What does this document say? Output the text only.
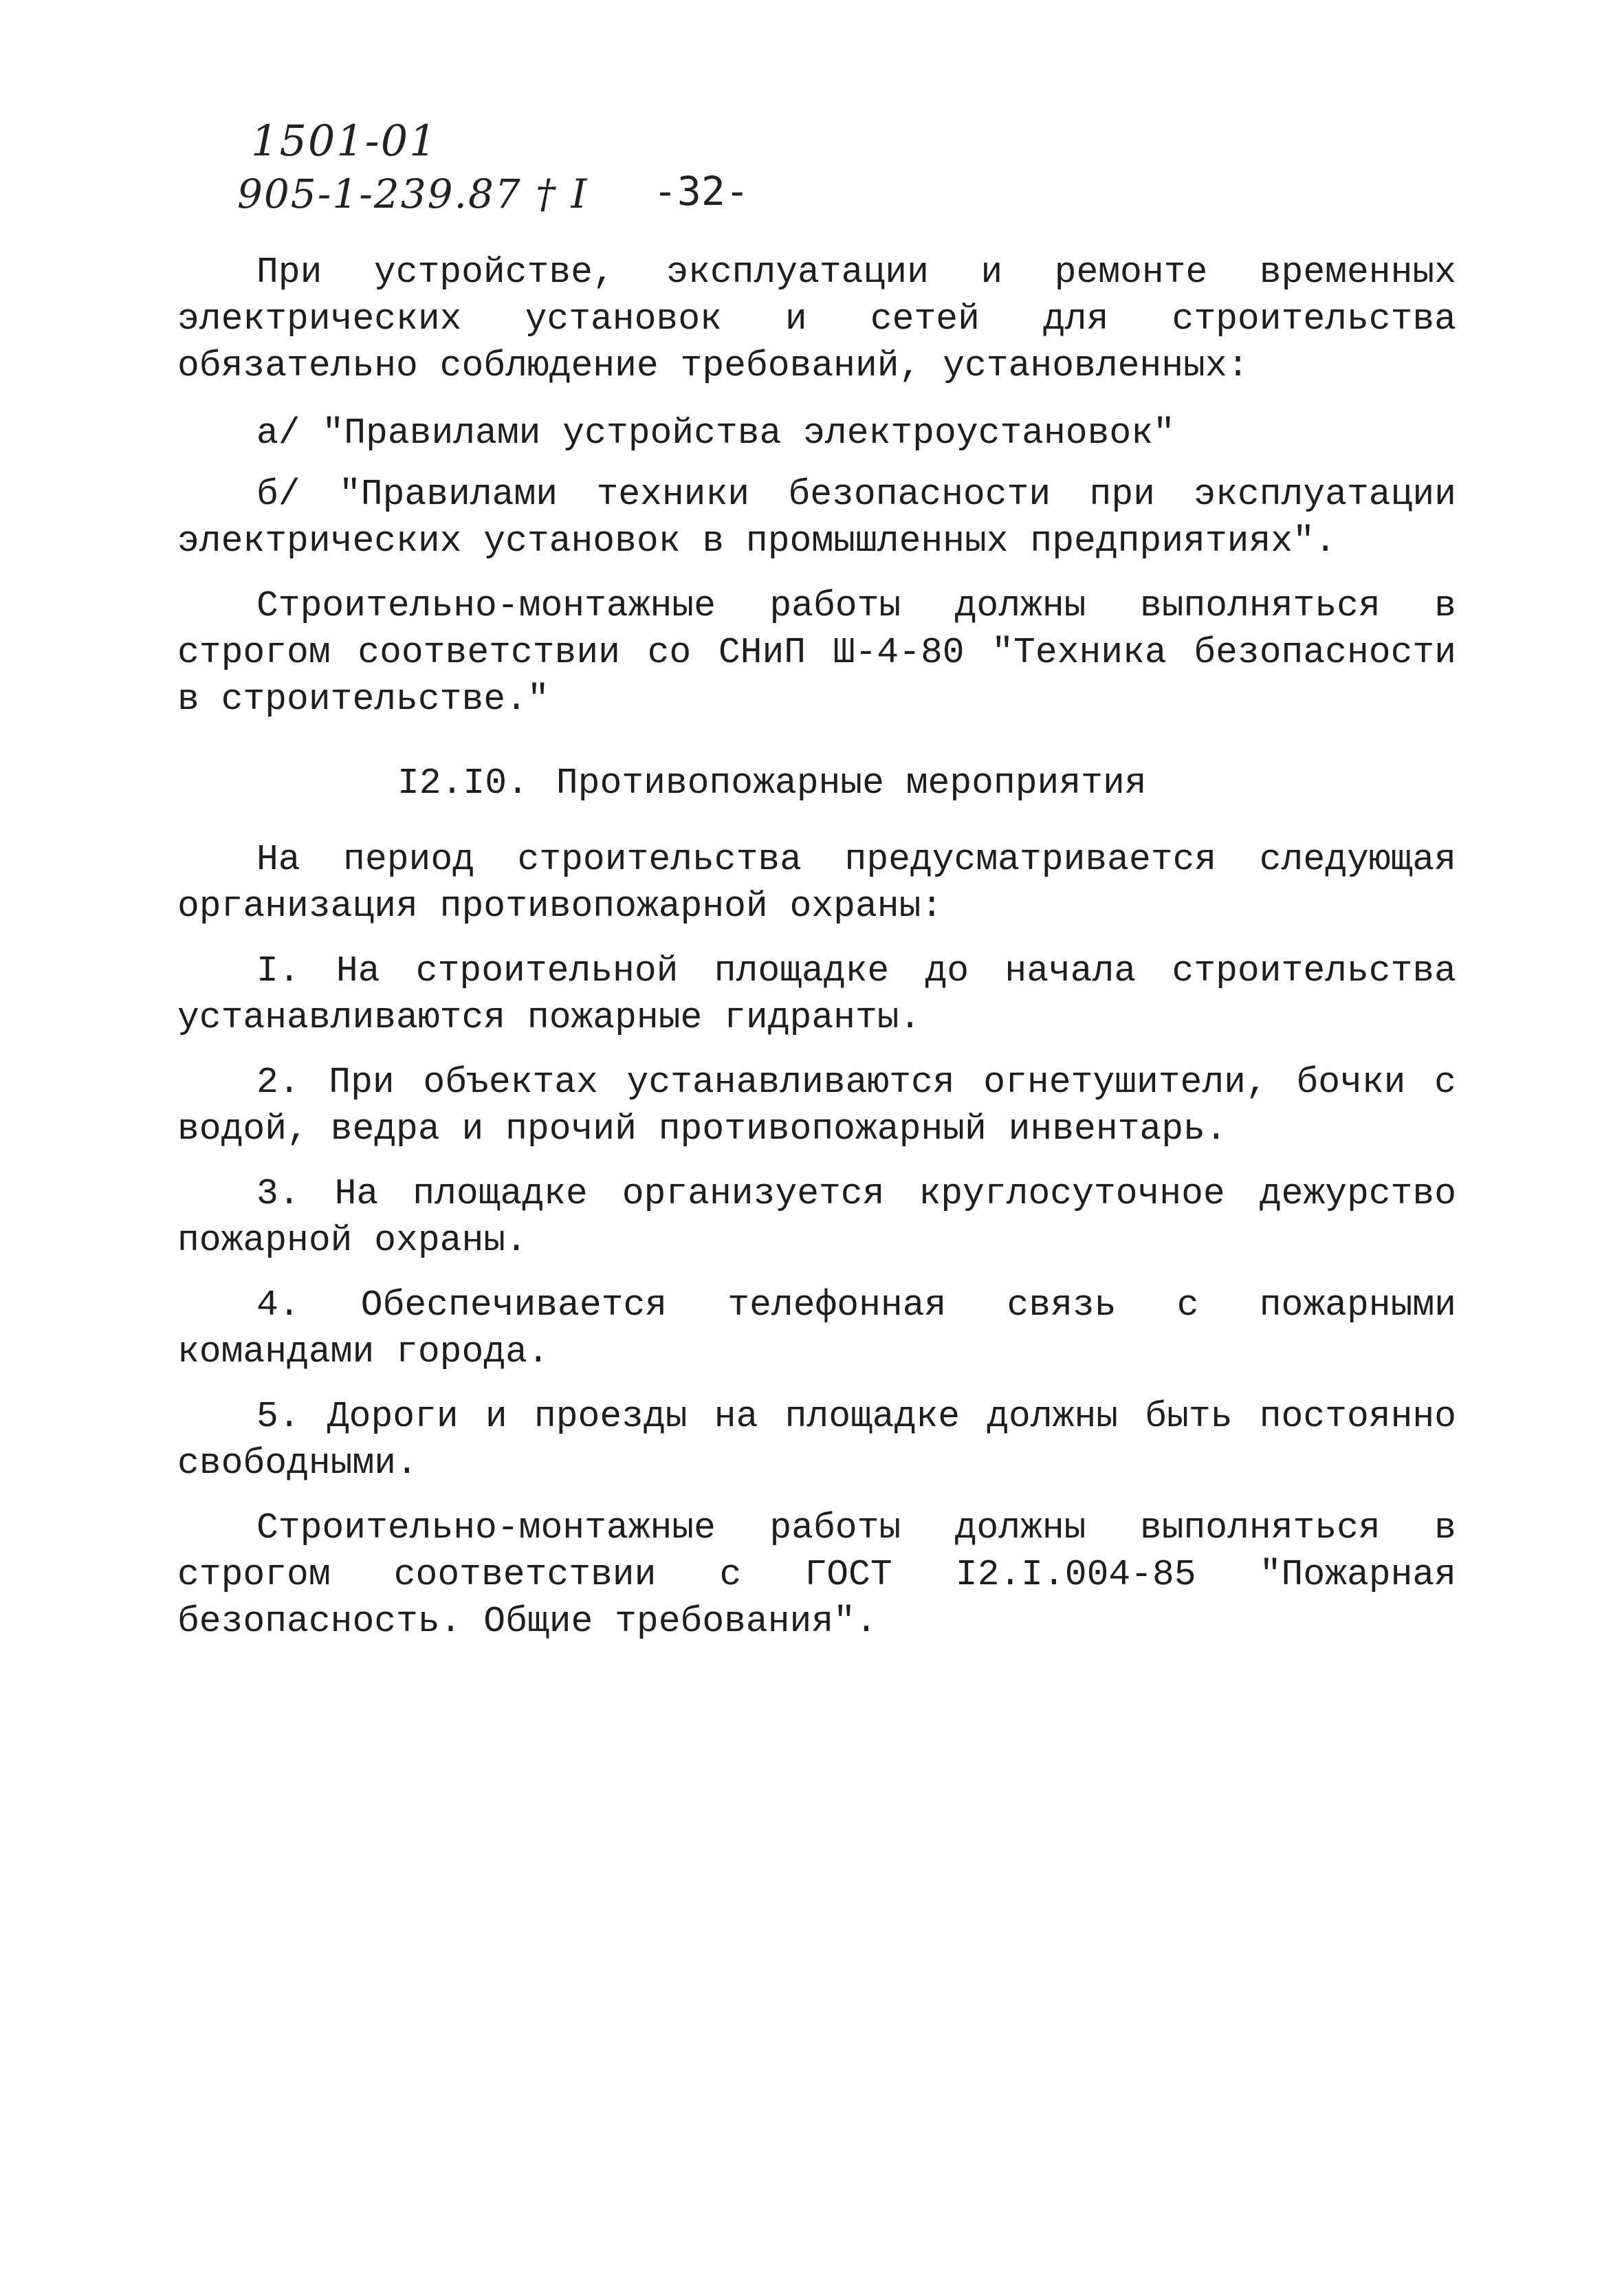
1501-01
905-1-239.87 † I -32-

При устройстве, эксплуатации и ремонте временных электрических установок и сетей для строительства обязательно соблюдение требований, установленных:

а/ "Правилами устройства электроустановок"

б/ "Правилами техники безопасности при эксплуатации электрических установок в промышленных предприятиях".

Строительно-монтажные работы должны выполняться в строгом соответствии со СНиП Ш-4-80 "Техника безопасности в строительстве."

I2.I0. Противопожарные мероприятия

На период строительства предусматривается следующая организация противопожарной охраны:

I. На строительной площадке до начала строительства устанавливаются пожарные гидранты.

2. При объектах устанавливаются огнетушители, бочки с водой, ведра и прочий противопожарный инвентарь.

3. На площадке организуется круглосуточное дежурство пожарной охраны.

4. Обеспечивается телефонная связь с пожарными командами города.

5. Дороги и проезды на площадке должны быть постоянно свободными.

Строительно-монтажные работы должны выполняться в строгом соответствии с ГОСТ I2.I.004-85 "Пожарная безопасность. Общие требования".
